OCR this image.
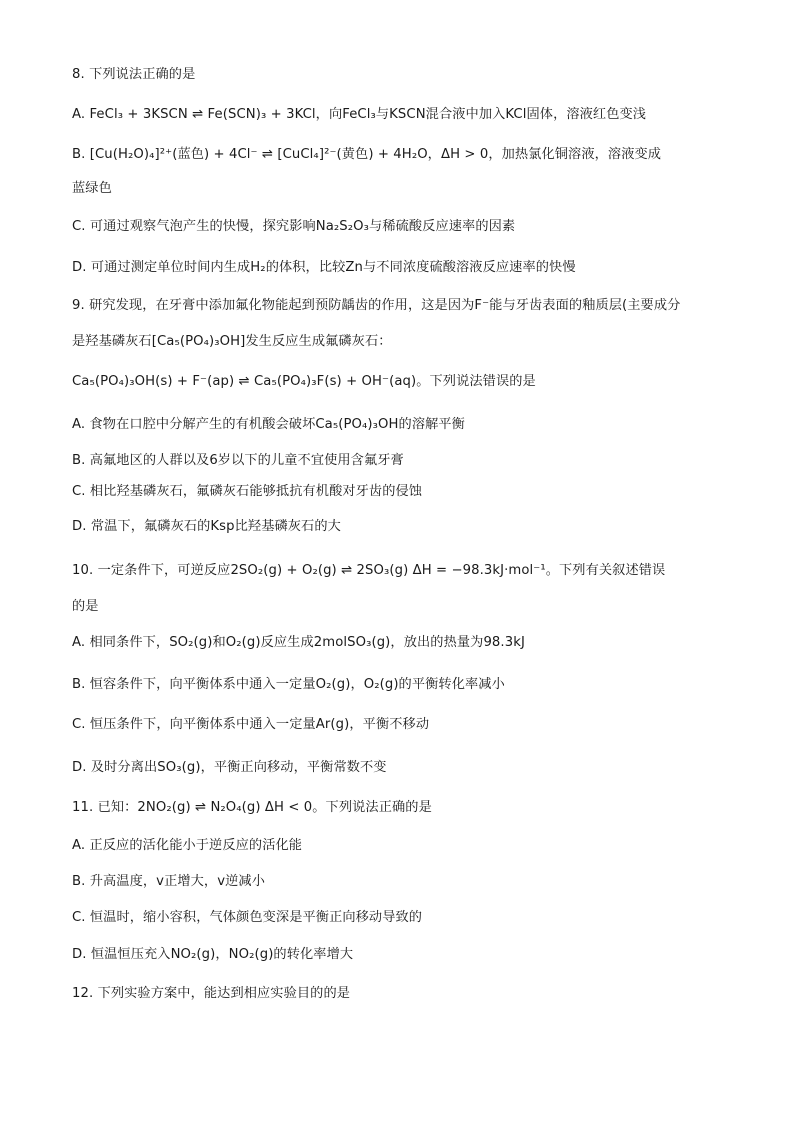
8. 下列说法正确的是
A. FeCl₃ + 3KSCN ⇌ Fe(SCN)₃ + 3KCl，向FeCl₃与KSCN混合液中加入KCl固体，溶液红色变浅
B. [Cu(H₂O)₄]²⁺(蓝色) + 4Cl⁻ ⇌ [CuCl₄]²⁻(黄色) + 4H₂O，ΔH > 0，加热氯化铜溶液，溶液变成
蓝绿色
C. 可通过观察气泡产生的快慢，探究影响Na₂S₂O₃与稀硫酸反应速率的因素
D. 可通过测定单位时间内生成H₂的体积，比较Zn与不同浓度硫酸溶液反应速率的快慢
9. 研究发现，在牙膏中添加氟化物能起到预防龋齿的作用，这是因为F⁻能与牙齿表面的釉质层(主要成分
是羟基磷灰石[Ca₅(PO₄)₃OH]发生反应生成氟磷灰石：
Ca₅(PO₄)₃OH(s) + F⁻(ap) ⇌ Ca₅(PO₄)₃F(s) + OH⁻(aq)。下列说法错误的是
A. 食物在口腔中分解产生的有机酸会破坏Ca₅(PO₄)₃OH的溶解平衡
B. 高氟地区的人群以及6岁以下的儿童不宜使用含氟牙膏
C. 相比羟基磷灰石，氟磷灰石能够抵抗有机酸对牙齿的侵蚀
D. 常温下，氟磷灰石的Ksp比羟基磷灰石的大
10. 一定条件下，可逆反应2SO₂(g) + O₂(g) ⇌ 2SO₃(g) ΔH = −98.3kJ·mol⁻¹。下列有关叙述错误
的是
A. 相同条件下，SO₂(g)和O₂(g)反应生成2molSO₃(g)，放出的热量为98.3kJ
B. 恒容条件下，向平衡体系中通入一定量O₂(g)，O₂(g)的平衡转化率减小
C. 恒压条件下，向平衡体系中通入一定量Ar(g)，平衡不移动
D. 及时分离出SO₃(g)，平衡正向移动，平衡常数不变
11. 已知：2NO₂(g) ⇌ N₂O₄(g) ΔH < 0。下列说法正确的是
A. 正反应的活化能小于逆反应的活化能
B. 升高温度，v正增大，v逆减小
C. 恒温时，缩小容积，气体颜色变深是平衡正向移动导致的
D. 恒温恒压充入NO₂(g)，NO₂(g)的转化率增大
12. 下列实验方案中，能达到相应实验目的的是
